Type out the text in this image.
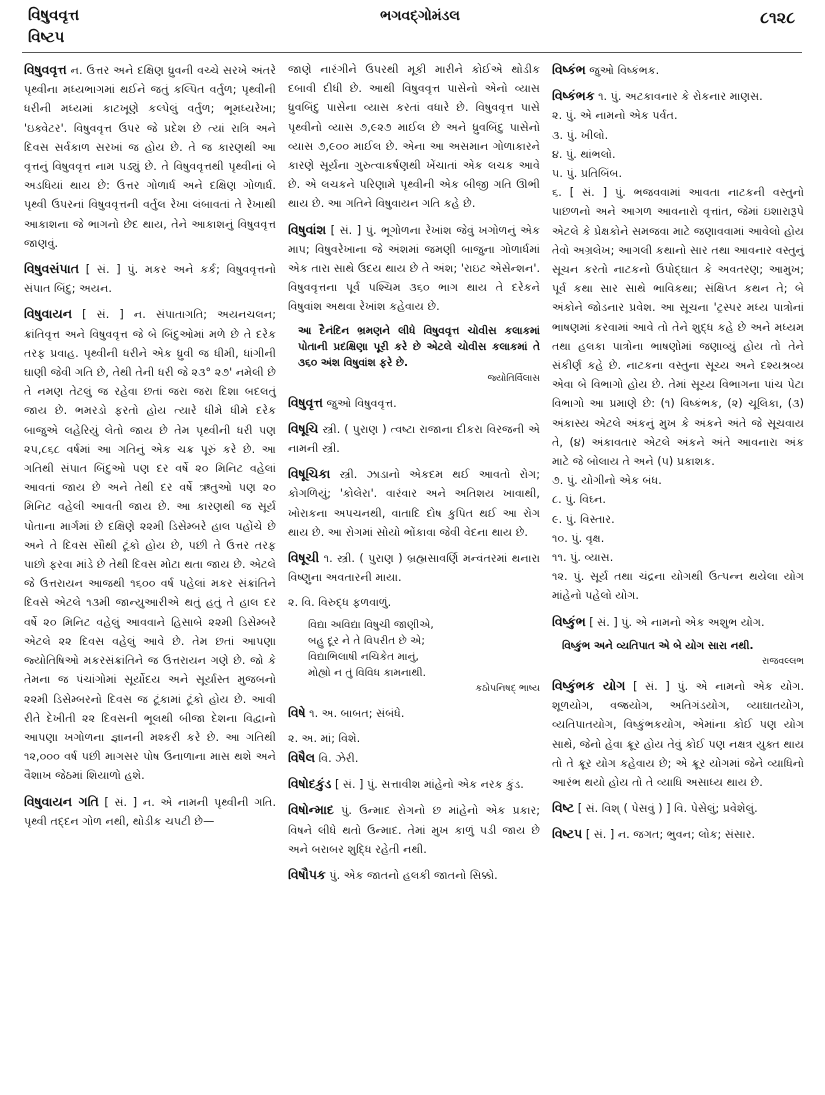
વિષુવવૃત્ત
વિષ્ટપ
ભગવદ્ગોમંડલ	૮૧૨૮

વિષુવવૃત્ત ન. ઉત્તર અને દક્ષિણ ધ્રુવની વચ્ચે સરખે અંતરે પૃથ્વીના મધ્યભાગમાં થઈને જતું કલ્પિત વર્તુળ; પૃથ્વીની ધરીની મધ્યમાં કાટખૂણે કલ્પેલું વર્તુળ; ભૂમધ્યરેખા; 'ઇક્વેટર'. વિષુવવૃત્ત ઉપર જે પ્રદેશ છે ત્યાં રાત્રિ અને દિવસ સર્વકાળ સરખાં જ હોય છે. તે જ કારણથી આ વૃત્તનું વિષુવવૃત્ત નામ પડ્યું છે. તે વિષુવવૃત્તથી પૃથ્વીનાં બે અડધિયાં થાય છે: ઉત્તર ગોળાર્ધ અને દક્ષિણ ગોળાર્ધ. પૃથ્વી ઉપરનાં વિષુવવૃત્તની વર્તુલ રેખા લંબાવતાં તે રેખાથી આકાશના જે ભાગનો છેદ થાય, તેને આકાશનું વિષુવવૃત્ત જાણવું.

વિષુવસંપાત [ સં. ] પું. મકર અને કર્ક; વિષુવવૃત્તનો સંપાત બિંદુ; અયન.

વિષુવાયન [ સં. ] ન. સંપાતાગતિ; અયનચલન; ક્રાંતિવૃત્ત અને વિષુવવૃત્ત જે બે બિંદુઓમાં મળે છે તે દરેક તરફ પ્રવાહ. પૃથ્વીની ધરીને એક ધ્રુવી જ ધીમી, ધાંગીની ઘાણી જેવી ગતિ છે, તેથી તેની ધરી જે ૨૩° ૨૭' નમેલી છે તે નમણ તેટલું જ રહેવા છતાં જરા જરા દિશા બદલતું જાય છે. ભમરડો ફરતો હોય ત્યારે ધીમે ધીમે દરેક બાજુએ લહેરિયું લેતો જાય છે તેમ પૃથ્વીની ધરી પણ ૨૫,૮૬૮ વર્ષમાં આ ગતિનું એક ચક્ર પૂરું કરે છે. આ ગતિથી સંપાત બિંદુઓ પણ દર વર્ષે ૨૦ મિનિટ વહેલાં આવતાં જાય છે અને તેથી દર વર્ષે ઋતુઓ પણ ૨૦ મિનિટ વહેલી આવતી જાય છે. આ કારણથી જ સૂર્ય પોતાના માર્ગમાં છે દક્ષિણે ૨૨મી ડિસેમ્બરે હાલ પહોંચે છે અને તે દિવસ સૌથી ટૂંકો હોય છે, પછી તે ઉત્તર તરફ પાછો ફરવા માંડે છે તેથી દિવસ મોટા થતા જાય છે. એટલે જે ઉત્તરાયન આજથી ૧૬૦૦ વર્ષ પહેલાં મકર સંક્રાંતિને દિવસે એટલે ૧૩મી જાન્યુઆરીએ થતું હતું તે હાલ દર વર્ષે ૨૦ મિનિટ વહેલું આવવાને હિસાબે ૨૨મી ડિસેમ્બરે એટલે ૨૨ દિવસ વહેલું આવે છે. તેમ છતાં આપણા જ્યોતિષિઓ મકરસંક્રાંતિને જ ઉત્તરાયન ગણે છે. જો કે તેમના જ પંચાંગોમાં સૂર્યોદય અને સૂર્યાસ્ત મુજબનો ૨૨મી ડિસેમ્બરનો દિવસ જ ટૂંકામાં ટૂંકો હોય છે. આવી રીતે દેખીતી ૨૨ દિવસની ભૂલથી બીજા દેશના વિદ્વાનો આપણા ખગોળના જ્ઞાનની મશ્કરી કરે છે. આ ગતિથી ૧૨,૦૦૦ વર્ષ પછી માગસર પોષ ઉનાળાના માસ થશે અને વૈશાખ જેઠમાં શિયાળો હશે.

વિષુવાયન ગતિ [ સં. ] ન. એ નામની પૃથ્વીની ગતિ. પૃથ્વી તદ્દન ગોળ નથી, થોડીક ચપટી છે—

જાણે નારંગીને ઉપરથી મૂકી મારીને કોઈએ થોડીક દબાવી દીધી છે. આથી વિષુવવૃત્ત પાસેનો એનો વ્યાસ ધ્રુવબિંદુ પાસેના વ્યાસ કરતાં વધારે છે. વિષુવવૃત્ત પાસે પૃથ્વીનો વ્યાસ ૭,૯૨૭ માઈલ છે અને ધ્રુવબિંદુ પાસેનો વ્યાસ ૭,૯૦૦ માઈલ છે. એના આ અસમાન ગોળાકારને કારણે સૂર્યના ગુરુત્વાકર્ષણથી ખેંચાતાં એક લચક આવે છે. એ લચકને પરિણામે પૃથ્વીની એક બીજી ગતિ ઊભી થાય છે. આ ગતિને વિષુવાયન ગતિ કહે છે.

વિષુવાંશ [ સં. ] પું. ભૂગોળના રેખાંશ જેવું ખગોળનું એક માપ; વિષુવરેખાના જે અંશમાં જમણી બાજુના ગોળાર્ધમાં એક તારા સાથે ઉદય થાય છે તે અંશ; 'રાઇટ એસેન્શન'. વિષુવવૃત્તના પૂર્વ પશ્ચિમ ૩૬૦ ભાગ થાય તે દરેકને વિષુવાંશ અથવા રેખાંશ કહેવાય છે.

આ દૈનંદિન ભ્રમણને લીધે વિષુવવૃત્ત ચોવીસ કલાકમાં પોતાની પ્રદક્ષિણા પૂરી કરે છે એટલે ચોવીસ કલાકમાં તે ૩૬૦ અંશ વિષુવાંશ ફરે છે.
જ્યોતિર્વિલાસ

વિષુવૃત્ત જુઓ વિષુવવૃત્ત.

વિષૂચિ સ્ત્રી. ( પુરાણ ) ત્વષ્ટા રાજાના દીકરા વિરજની એ નામની સ્ત્રી.

વિષૂચિકા સ્ત્રી. ઝાડાનો એકદમ થઈ આવતો રોગ; કોગળિયું; 'કોલેરા'. વારંવાર અને અતિશય ખાવાથી, ખોરાકના અપચનથી, વાતાદિ દોષ કુપિત થઈ આ રોગ થાય છે. આ રોગમાં સોયો ભોંકાવા જેવી વેદના થાય છે.

વિષૂચી ૧. સ્ત્રી. ( પુરાણ ) બ્રહ્મસાવર્ણિ મન્વંતરમાં થનારા વિષ્ણુના અવતારની માયા.

૨. વિ. વિરુદ્ધ ફળવાળું.

વિદ્યા અવિદ્યા વિષુચી જાણીએ,
બહુ દૂર ને તે વિપરીત છે એ;
વિદ્યાભિલાષી નચિકેત માનું,
મોહ્યો ન તું વિવિધ કામનાથી.
કઠોપનિષદ્ ભાષ્ય

વિષે ૧. અ. બાબત; સંબંધે.

૨. અ. માં; વિશે.

વિષૈલ વિ. ઝેરી.

વિષોદકુંડ [ સં. ] પું. સત્તાવીશ માંહેનો એક નરક કુંડ.

વિષોન્માદ પું. ઉન્માદ રોગનો છ માંહેનો એક પ્રકાર; વિષને લીધે થતો ઉન્માદ. તેમાં મુખ કાળું પડી જાય છે અને બરાબર શુદ્ધિ રહેતી નથી.

વિષૌપક પું. એક જાતનો હલકી જાતનો સિક્કો.

વિષ્કંભ જુઓ વિષ્કંભક.

વિષ્કંભક ૧. પું. અટકાવનાર કે રોકનાર માણસ.

૨. પું. એ નામનો એક પર્વત.

૩. પું. ખીલો.

૪. પું. થાંભલો.

૫. પું. પ્રતિબિંબ.

૬. [ સં. ] પું. ભજવવામાં આવતા નાટકની વસ્તુનો પાછળનો અને આગળ આવનારો વૃત્તાંત, જેમાં ઇશારારૂપે એટલે કે પ્રેક્ષકોને સમજવા માટે જણાવવામાં આવેલો હોય તેવો અગ્રલેખ; આગલી કથાનો સાર તથા આવનાર વસ્તુનું સૂચન કરતો નાટકનો ઉપોદ્ઘાત કે અવતરણ; આમુખ; પૂર્વ કથા સાર સાથે ભાવિકથા; સંક્ષિપ્ત કથન તે; બે અંકોને જોડનાર પ્રવેશ. આ સૂચના 'ટ્રસ્પર મધ્ય પાત્રોનાં ભાષણમાં કરવામાં આવે તો તેને શુદ્ધ કહે છે અને મધ્યમ તથા હલકા પાત્રોના ભાષણોમાં જણાવ્યું હોય તો તેને સંકીર્ણ કહે છે. નાટકના વસ્તુના સૂચ્ય અને દશ્યશ્રવ્ય એવા બે વિભાગો હોય છે. તેમાં સૂચ્ય વિભાગના પાંચ પેટા વિભાગો આ પ્રમાણે છે: (૧) વિષ્કંભક, (૨) ચૂલિકા, (૩) અંકાસ્ય એટલે અંકનું મુખ કે અંકને અંતે જે સૂચવાય તે, (૪) અંકાવતાર એટલે અંકને અંતે આવનારા અંક માટે જે બોલાય તે અને (૫) પ્રકાશક.

૭. પું. યોગીનો એક બંધ.

૮. પું. વિઘ્ન.

૯. પું. વિસ્તાર.

૧૦. પું. વૃક્ષ.

૧૧. પું. વ્યાસ.

૧૨. પું. સૂર્ય તથા ચંદ્રના યોગથી ઉત્પન્ન થયેલા યોગ માંહેનો પહેલો યોગ.

વિષ્કુંભ [ સં. ] પું. એ નામનો એક અશુભ યોગ.

વિષ્કુંભ અને વ્યતિપાત એ બે યોગ સારા નથી.
રાજવલ્લભ

વિષ્કુંભક યોગ [ સં. ] પું. એ નામનો એક યોગ. શૂળયોગ, વજ્રયોગ, અતિગંડયોગ, વ્યાઘાતયોગ, વ્યતિપાતયોગ, વિષ્કુંભકયોગ, એમાંના કોઈ પણ યોગ સાથે, જેનો હેવા ક્રૂર હોય તેવું કોઈ પણ નક્ષત્ર યુક્ત થાય તો તે ક્રૂર યોગ કહેવાય છે; એ ક્રૂર યોગમાં જેને વ્યાધિનો આરંભ થયો હોય તો તે વ્યાધિ અસાધ્ય થાય છે.

વિષ્ટ [ સં. વિશ્ ( પેસવું ) ] વિ. પેસેલું; પ્રવેશેલું.

વિષ્ટપ [ સં. ] ન. જગત; ભુવન; લોક; સંસાર.
